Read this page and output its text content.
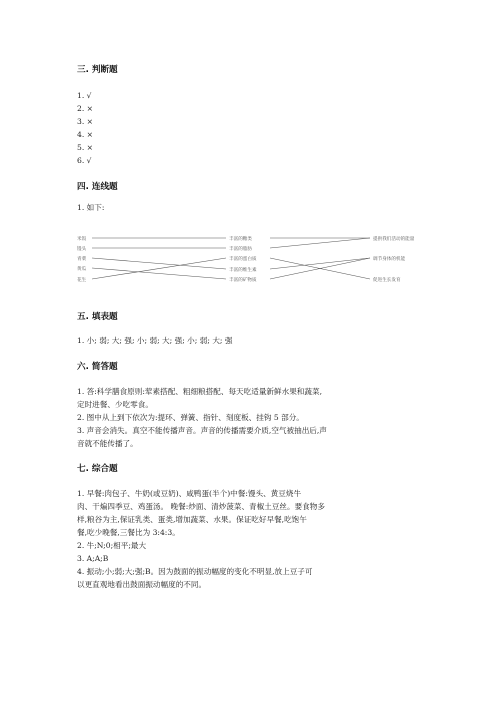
三. 判断题
1. √
2. ×
3. ×
4. ×
5. ×
6. √
四. 连线题
1. 如下:
米饭
馒头
青菜
黄瓜
花生
丰富的糖类
丰富的脂肪
丰富的蛋白质
丰富的维生素
丰富的矿物质
提供我们活动的能量
调节身体的机能
促进生长发育
五. 填表题
1. 小; 弱; 大; 强; 小; 弱; 大; 强; 小; 弱; 大; 强
六. 简答题
1. 答:科学膳食原则:荤素搭配、粗细粮搭配、每天吃适量新鲜水果和蔬菜,
定时进餐、少吃零食。
2. 图中从上到下依次为:提环、弹簧、指针、刻度板、挂钩 5 部分。
3. 声音会消失。真空不能传播声音。声音的传播需要介质,空气被抽出后,声
音就不能传播了。
七. 综合题
1. 早餐:肉包子、牛奶(或豆奶)、咸鸭蛋(半个)中餐:馒头、黄豆烧牛
肉、干煸四季豆、鸡蛋汤。 晚餐:炒面、清炒菠菜、青椒土豆丝。要食物多
样,粮谷为主,保证乳类、蛋类,增加蔬菜、水果。保证吃好早餐,吃饱午
餐,吃少晚餐,三餐比为 3:4:3。
2. 牛;N;0;相平;最大
3. A;A;B
4. 振动;小;弱;大;强;B。因为鼓面的振动幅度的变化不明显,放上豆子可
以更直观地看出鼓面振动幅度的不同。
